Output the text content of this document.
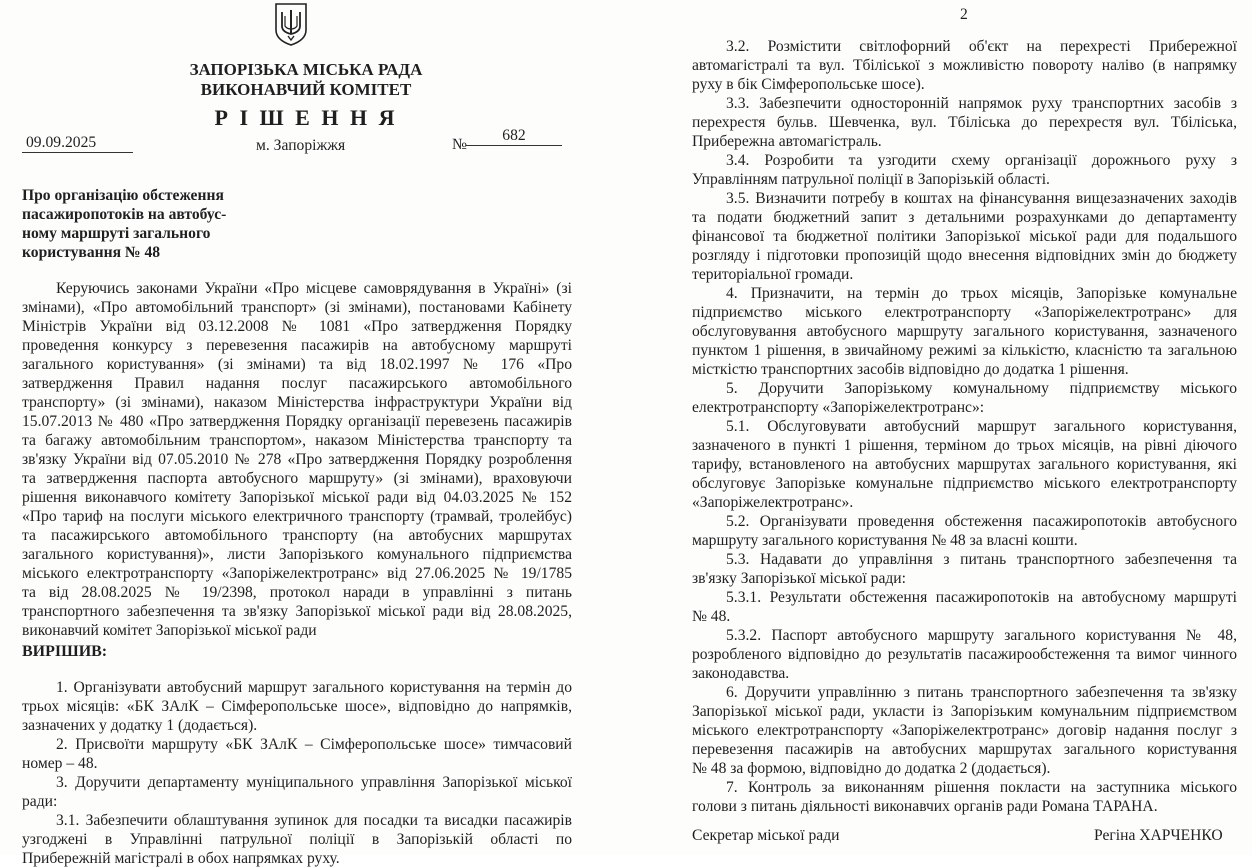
ЗАПОРІЗЬКА МІСЬКА РАДА
ВИКОНАВЧИЙ КОМІТЕТ
Р І Ш Е Н Н Я
09.09.2025	м. Запоріжжя	№
682
Про організацію обстеження
пасажиропотоків на автобус-
ному маршруті загального
користування № 48
Керуючись законами України «Про місцеве самоврядування в Україні» (зі
змінами), «Про автомобільний транспорт» (зі змінами), постановами Кабінету
Міністрів України від 03.12.2008 № 1081 «Про затвердження Порядку
проведення конкурсу з перевезення пасажирів на автобусному маршруті
загального користування» (зі змінами) та від 18.02.1997 № 176 «Про
затвердження Правил надання послуг пасажирського автомобільного
транспорту» (зі змінами), наказом Міністерства інфраструктури України від
15.07.2013 № 480 «Про затвердження Порядку організації перевезень пасажирів
та багажу автомобільним транспортом», наказом Міністерства транспорту та
зв'язку України від 07.05.2010 № 278 «Про затвердження Порядку розроблення
та затвердження паспорта автобусного маршруту» (зі змінами), враховуючи
рішення виконавчого комітету Запорізької міської ради від 04.03.2025 № 152
«Про тариф на послуги міського електричного транспорту (трамвай, тролейбус)
та пасажирського автомобільного транспорту (на автобусних маршрутах
загального користування)», листи Запорізького комунального підприємства
міського електротранспорту «Запоріжелектротранс» від 27.06.2025 № 19/1785
та від 28.08.2025 № 19/2398, протокол наради в управлінні з питань
транспортного забезпечення та зв'язку Запорізької міської ради від 28.08.2025,
виконавчий комітет Запорізької міської ради
ВИРІШИВ:
1. Організувати автобусний маршрут загального користування на термін до
трьох місяців: «БК ЗАлК – Сімферопольське шосе», відповідно до напрямків,
зазначених у додатку 1 (додається).
2. Присвоїти маршруту «БК ЗАлК – Сімферопольське шосе» тимчасовий
номер – 48.
3. Доручити департаменту муніципального управління Запорізької міської
ради:
3.1. Забезпечити облаштування зупинок для посадки та висадки пасажирів
узгоджені в Управлінні патрульної поліції в Запорізькій області по
Прибережній магістралі в обох напрямках руху.
2
3.2. Розмістити світлофорний об'єкт на перехресті Прибережної
автомагістралі та вул. Тбіліської з можливістю повороту наліво (в напрямку
руху в бік Сімферопольське шосе).
3.3. Забезпечити односторонній напрямок руху транспортних засобів з
перехрестя бульв. Шевченка, вул. Тбіліська до перехрестя вул. Тбіліська,
Прибережна автомагістраль.
3.4. Розробити та узгодити схему організації дорожнього руху з
Управлінням патрульної поліції в Запорізькій області.
3.5. Визначити потребу в коштах на фінансування вищезазначених заходів
та подати бюджетний запит з детальними розрахунками до департаменту
фінансової та бюджетної політики Запорізької міської ради для подальшого
розгляду і підготовки пропозицій щодо внесення відповідних змін до бюджету
територіальної громади.
4. Призначити, на термін до трьох місяців, Запорізьке комунальне
підприємство міського електротранспорту «Запоріжелектротранс» для
обслуговування автобусного маршруту загального користування, зазначеного
пунктом 1 рішення, в звичайному режимі за кількістю, класністю та загальною
місткістю транспортних засобів відповідно до додатка 1 рішення.
5. Доручити Запорізькому комунальному підприємству міського
електротранспорту «Запоріжелектротранс»:
5.1. Обслуговувати автобусний маршрут загального користування,
зазначеного в пункті 1 рішення, терміном до трьох місяців, на рівні діючого
тарифу, встановленого на автобусних маршрутах загального користування, які
обслуговує Запорізьке комунальне підприємство міського електротранспорту
«Запоріжелектротранс».
5.2. Організувати проведення обстеження пасажиропотоків автобусного
маршруту загального користування № 48 за власні кошти.
5.3. Надавати до управління з питань транспортного забезпечення та
зв'язку Запорізької міської ради:
5.3.1. Результати обстеження пасажиропотоків на автобусному маршруті
№ 48.
5.3.2. Паспорт автобусного маршруту загального користування № 48,
розробленого відповідно до результатів пасажирообстеження та вимог чинного
законодавства.
6. Доручити управлінню з питань транспортного забезпечення та зв'язку
Запорізької міської ради, укласти із Запорізьким комунальним підприємством
міського електротранспорту «Запоріжелектротранс» договір надання послуг з
перевезення пасажирів на автобусних маршрутах загального користування
№ 48 за формою, відповідно до додатка 2 (додається).
7. Контроль за виконанням рішення покласти на заступника міського
голови з питань діяльності виконавчих органів ради Романа ТАРАНА.
Секретар міської ради	Регіна ХАРЧЕНКО
